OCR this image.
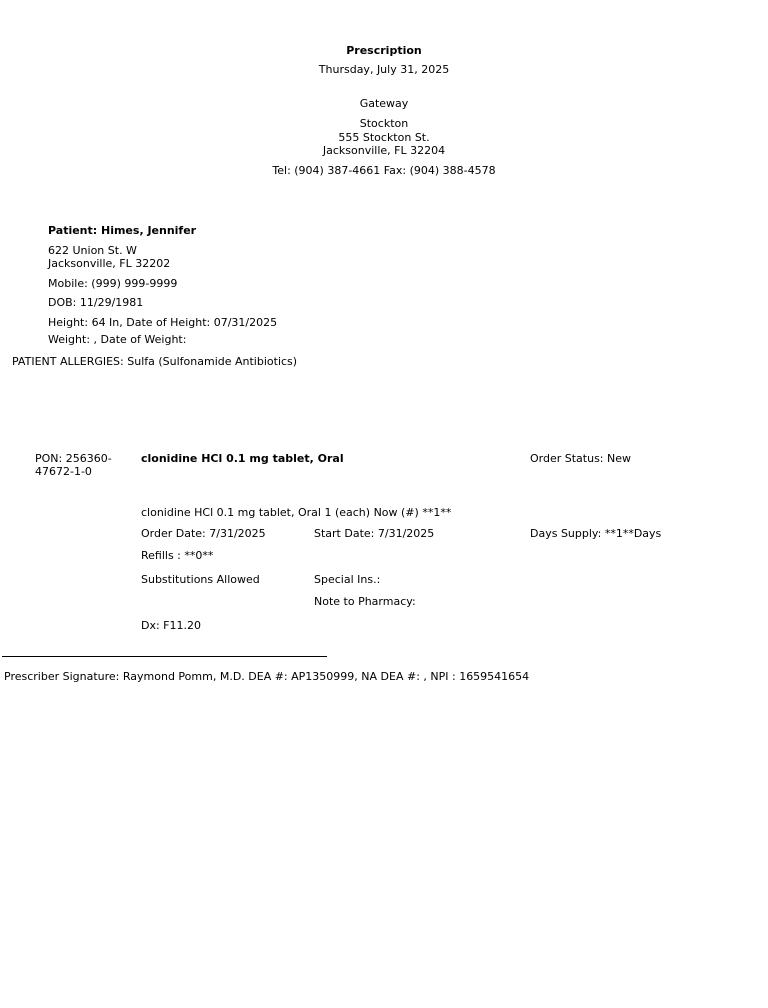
Prescription
Thursday, July 31, 2025
Gateway
Stockton
555 Stockton St.
Jacksonville, FL 32204
Tel: (904) 387-4661 Fax: (904) 388-4578
Patient: Himes, Jennifer
622 Union St. W
Jacksonville, FL 32202
Mobile: (999) 999-9999
DOB: 11/29/1981
Height: 64 In, Date of Height: 07/31/2025
Weight: , Date of Weight:
PATIENT ALLERGIES: Sulfa (Sulfonamide Antibiotics)
PON: 256360-
47672-1-0
clonidine HCl 0.1 mg tablet, Oral	Order Status: New
clonidine HCl 0.1 mg tablet, Oral 1 (each) Now (#) **1**
Order Date: 7/31/2025	Start Date: 7/31/2025	Days Supply: **1**Days
Refills : **0**
Substitutions Allowed	Special Ins.:
Note to Pharmacy:
Dx: F11.20
Prescriber Signature: Raymond Pomm, M.D. DEA #: AP1350999, NA DEA #: , NPI : 1659541654
